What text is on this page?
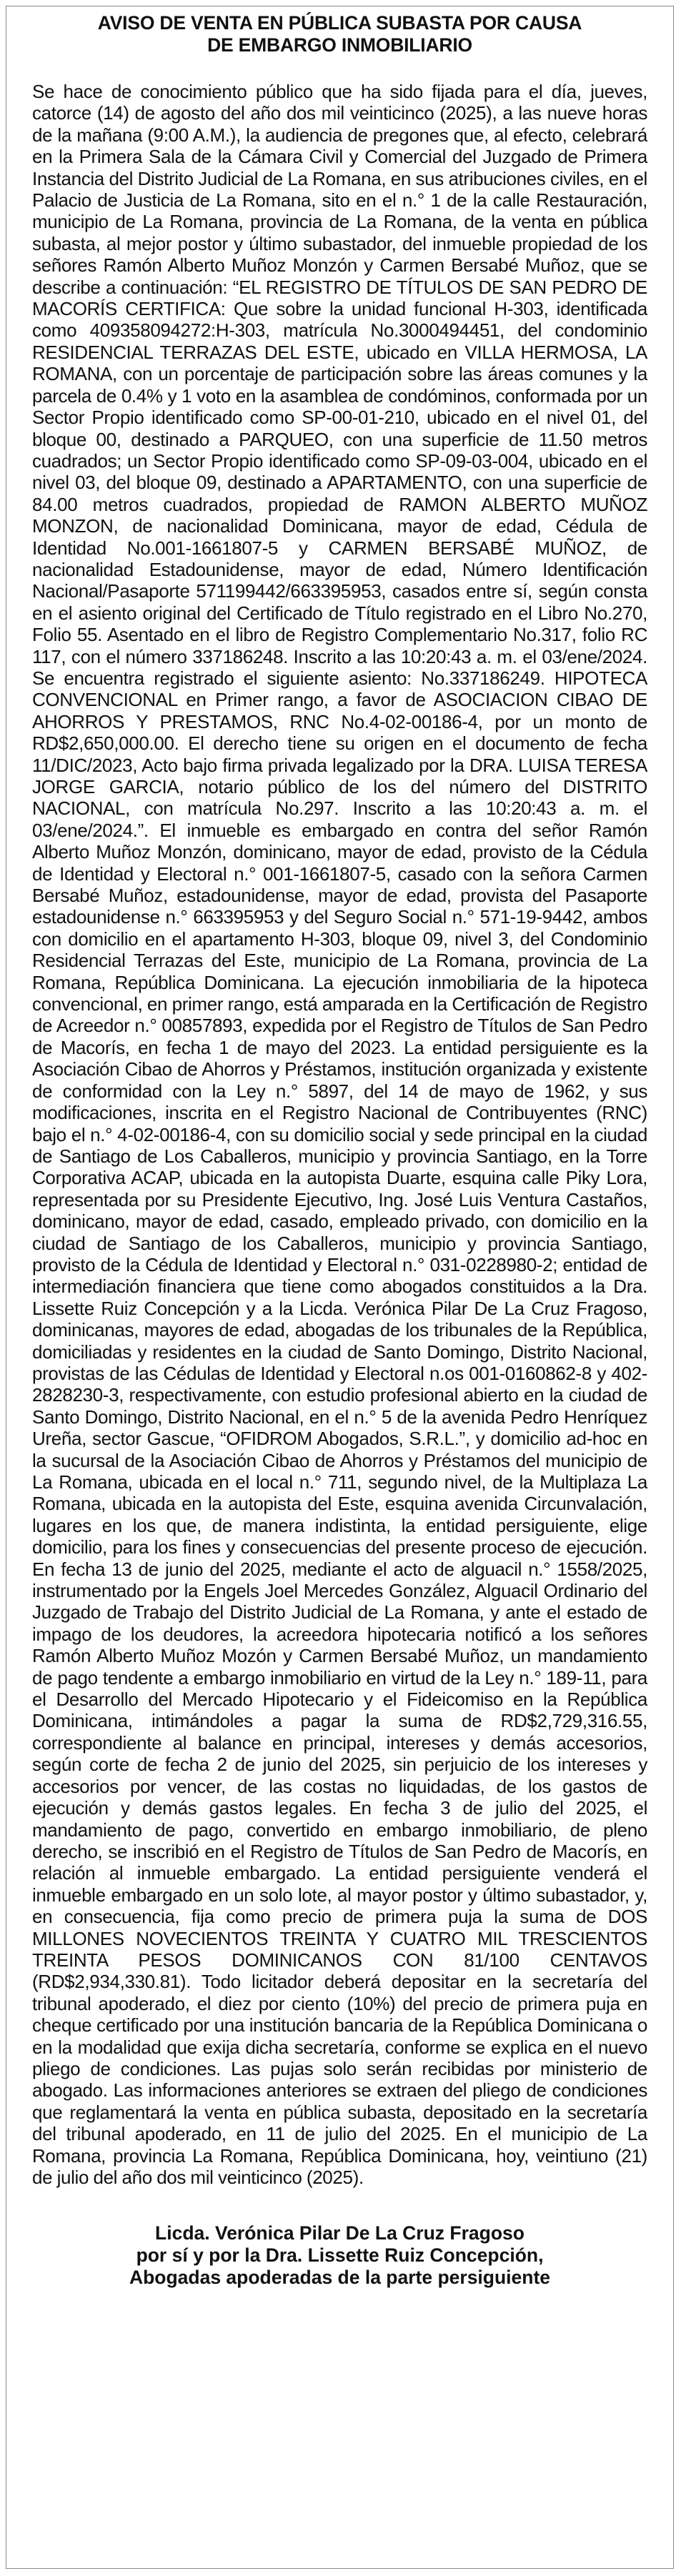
AVISO DE VENTA EN PÚBLICA SUBASTA POR CAUSA
DE EMBARGO INMOBILIARIO

Se hace de conocimiento público que ha sido fijada para el día, jueves, catorce (14) de agosto del año dos mil veinticinco (2025), a las nueve horas de la mañana (9:00 A.M.), la audiencia de pregones que, al efecto, celebrará en la Primera Sala de la Cámara Civil y Comercial del Juzgado de Primera Instancia del Distrito Judicial de La Romana, en sus atribuciones civiles, en el Palacio de Justicia de La Romana, sito en el n.° 1 de la calle Restauración, municipio de La Romana, provincia de La Romana, de la venta en pública subasta, al mejor postor y último subastador, del inmueble propiedad de los señores Ramón Alberto Muñoz Monzón y Carmen Bersabé Muñoz, que se describe a continuación: “EL REGISTRO DE TÍTULOS DE SAN PEDRO DE MACORÍS CERTIFICA: Que sobre la unidad funcional H-303, identificada como 409358094272:H-303, matrícula No.3000494451, del condominio RESIDENCIAL TERRAZAS DEL ESTE, ubicado en VILLA HERMOSA, LA ROMANA, con un porcentaje de participación sobre las áreas comunes y la parcela de 0.4% y 1 voto en la asamblea de condóminos, conformada por un Sector Propio identificado como SP-00-01-210, ubicado en el nivel 01, del bloque 00, destinado a PARQUEO, con una superficie de 11.50 metros cuadrados; un Sector Propio identificado como SP-09-03-004, ubicado en el nivel 03, del bloque 09, destinado a APARTAMENTO, con una superficie de 84.00 metros cuadrados, propiedad de RAMON ALBERTO MUÑOZ MONZON, de nacionalidad Dominicana, mayor de edad, Cédula de Identidad No.001-1661807-5 y CARMEN BERSABÉ MUÑOZ, de nacionalidad Estadounidense, mayor de edad, Número Identificación Nacional/Pasaporte 571199442/663395953, casados entre sí, según consta en el asiento original del Certificado de Título registrado en el Libro No.270, Folio 55. Asentado en el libro de Registro Complementario No.317, folio RC 117, con el número 337186248. Inscrito a las 10:20:43 a. m. el 03/ene/2024. Se encuentra registrado el siguiente asiento: No.337186249. HIPOTECA CONVENCIONAL en Primer rango, a favor de ASOCIACION CIBAO DE AHORROS Y PRESTAMOS, RNC No.4-02-00186-4, por un monto de RD$2,650,000.00. El derecho tiene su origen en el documento de fecha 11/DIC/2023, Acto bajo firma privada legalizado por la DRA. LUISA TERESA JORGE GARCIA, notario público de los del número del DISTRITO NACIONAL, con matrícula No.297. Inscrito a las 10:20:43 a. m. el 03/ene/2024.”. El inmueble es embargado en contra del señor Ramón Alberto Muñoz Monzón, dominicano, mayor de edad, provisto de la Cédula de Identidad y Electoral n.° 001-1661807-5, casado con la señora Carmen Bersabé Muñoz, estadounidense, mayor de edad, provista del Pasaporte estadounidense n.° 663395953 y del Seguro Social n.° 571-19-9442, ambos con domicilio en el apartamento H-303, bloque 09, nivel 3, del Condominio Residencial Terrazas del Este, municipio de La Romana, provincia de La Romana, República Dominicana. La ejecución inmobiliaria de la hipoteca convencional, en primer rango, está amparada en la Certificación de Registro de Acreedor n.° 00857893, expedida por el Registro de Títulos de San Pedro de Macorís, en fecha 1 de mayo del 2023. La entidad persiguiente es la Asociación Cibao de Ahorros y Préstamos, institución organizada y existente de conformidad con la Ley n.° 5897, del 14 de mayo de 1962, y sus modificaciones, inscrita en el Registro Nacional de Contribuyentes (RNC) bajo el n.° 4-02-00186-4, con su domicilio social y sede principal en la ciudad de Santiago de Los Caballeros, municipio y provincia Santiago, en la Torre Corporativa ACAP, ubicada en la autopista Duarte, esquina calle Piky Lora, representada por su Presidente Ejecutivo, Ing. José Luis Ventura Castaños, dominicano, mayor de edad, casado, empleado privado, con domicilio en la ciudad de Santiago de los Caballeros, municipio y provincia Santiago, provisto de la Cédula de Identidad y Electoral n.° 031-0228980-2; entidad de intermediación financiera que tiene como abogados constituidos a la Dra. Lissette Ruiz Concepción y a la Licda. Verónica Pilar De La Cruz Fragoso, dominicanas, mayores de edad, abogadas de los tribunales de la República, domiciliadas y residentes en la ciudad de Santo Domingo, Distrito Nacional, provistas de las Cédulas de Identidad y Electoral n.os 001-0160862-8 y 402-2828230-3, respectivamente, con estudio profesional abierto en la ciudad de Santo Domingo, Distrito Nacional, en el n.° 5 de la avenida Pedro Henríquez Ureña, sector Gascue, “OFIDROM Abogados, S.R.L.”, y domicilio ad-hoc en la sucursal de la Asociación Cibao de Ahorros y Préstamos del municipio de La Romana, ubicada en el local n.° 711, segundo nivel, de la Multiplaza La Romana, ubicada en la autopista del Este, esquina avenida Circunvalación, lugares en los que, de manera indistinta, la entidad persiguiente, elige domicilio, para los fines y consecuencias del presente proceso de ejecución. En fecha 13 de junio del 2025, mediante el acto de alguacil n.° 1558/2025, instrumentado por la Engels Joel Mercedes González, Alguacil Ordinario del Juzgado de Trabajo del Distrito Judicial de La Romana, y ante el estado de impago de los deudores, la acreedora hipotecaria notificó a los señores Ramón Alberto Muñoz Mozón y Carmen Bersabé Muñoz, un mandamiento de pago tendente a embargo inmobiliario en virtud de la Ley n.° 189-11, para el Desarrollo del Mercado Hipotecario y el Fideicomiso en la República Dominicana, intimándoles a pagar la suma de RD$2,729,316.55, correspondiente al balance en principal, intereses y demás accesorios, según corte de fecha 2 de junio del 2025, sin perjuicio de los intereses y accesorios por vencer, de las costas no liquidadas, de los gastos de ejecución y demás gastos legales. En fecha 3 de julio del 2025, el mandamiento de pago, convertido en embargo inmobiliario, de pleno derecho, se inscribió en el Registro de Títulos de San Pedro de Macorís, en relación al inmueble embargado. La entidad persiguiente venderá el inmueble embargado en un solo lote, al mayor postor y último subastador, y, en consecuencia, fija como precio de primera puja la suma de DOS MILLONES NOVECIENTOS TREINTA Y CUATRO MIL TRESCIENTOS TREINTA PESOS DOMINICANOS CON 81/100 CENTAVOS (RD$2,934,330.81). Todo licitador deberá depositar en la secretaría del tribunal apoderado, el diez por ciento (10%) del precio de primera puja en cheque certificado por una institución bancaria de la República Dominicana o en la modalidad que exija dicha secretaría, conforme se explica en el nuevo pliego de condiciones. Las pujas solo serán recibidas por ministerio de abogado. Las informaciones anteriores se extraen del pliego de condiciones que reglamentará la venta en pública subasta, depositado en la secretaría del tribunal apoderado, en 11 de julio del 2025. En el municipio de La Romana, provincia La Romana, República Dominicana, hoy, veintiuno (21) de julio del año dos mil veinticinco (2025).

Licda. Verónica Pilar De La Cruz Fragoso
por sí y por la Dra. Lissette Ruiz Concepción,
Abogadas apoderadas de la parte persiguiente
